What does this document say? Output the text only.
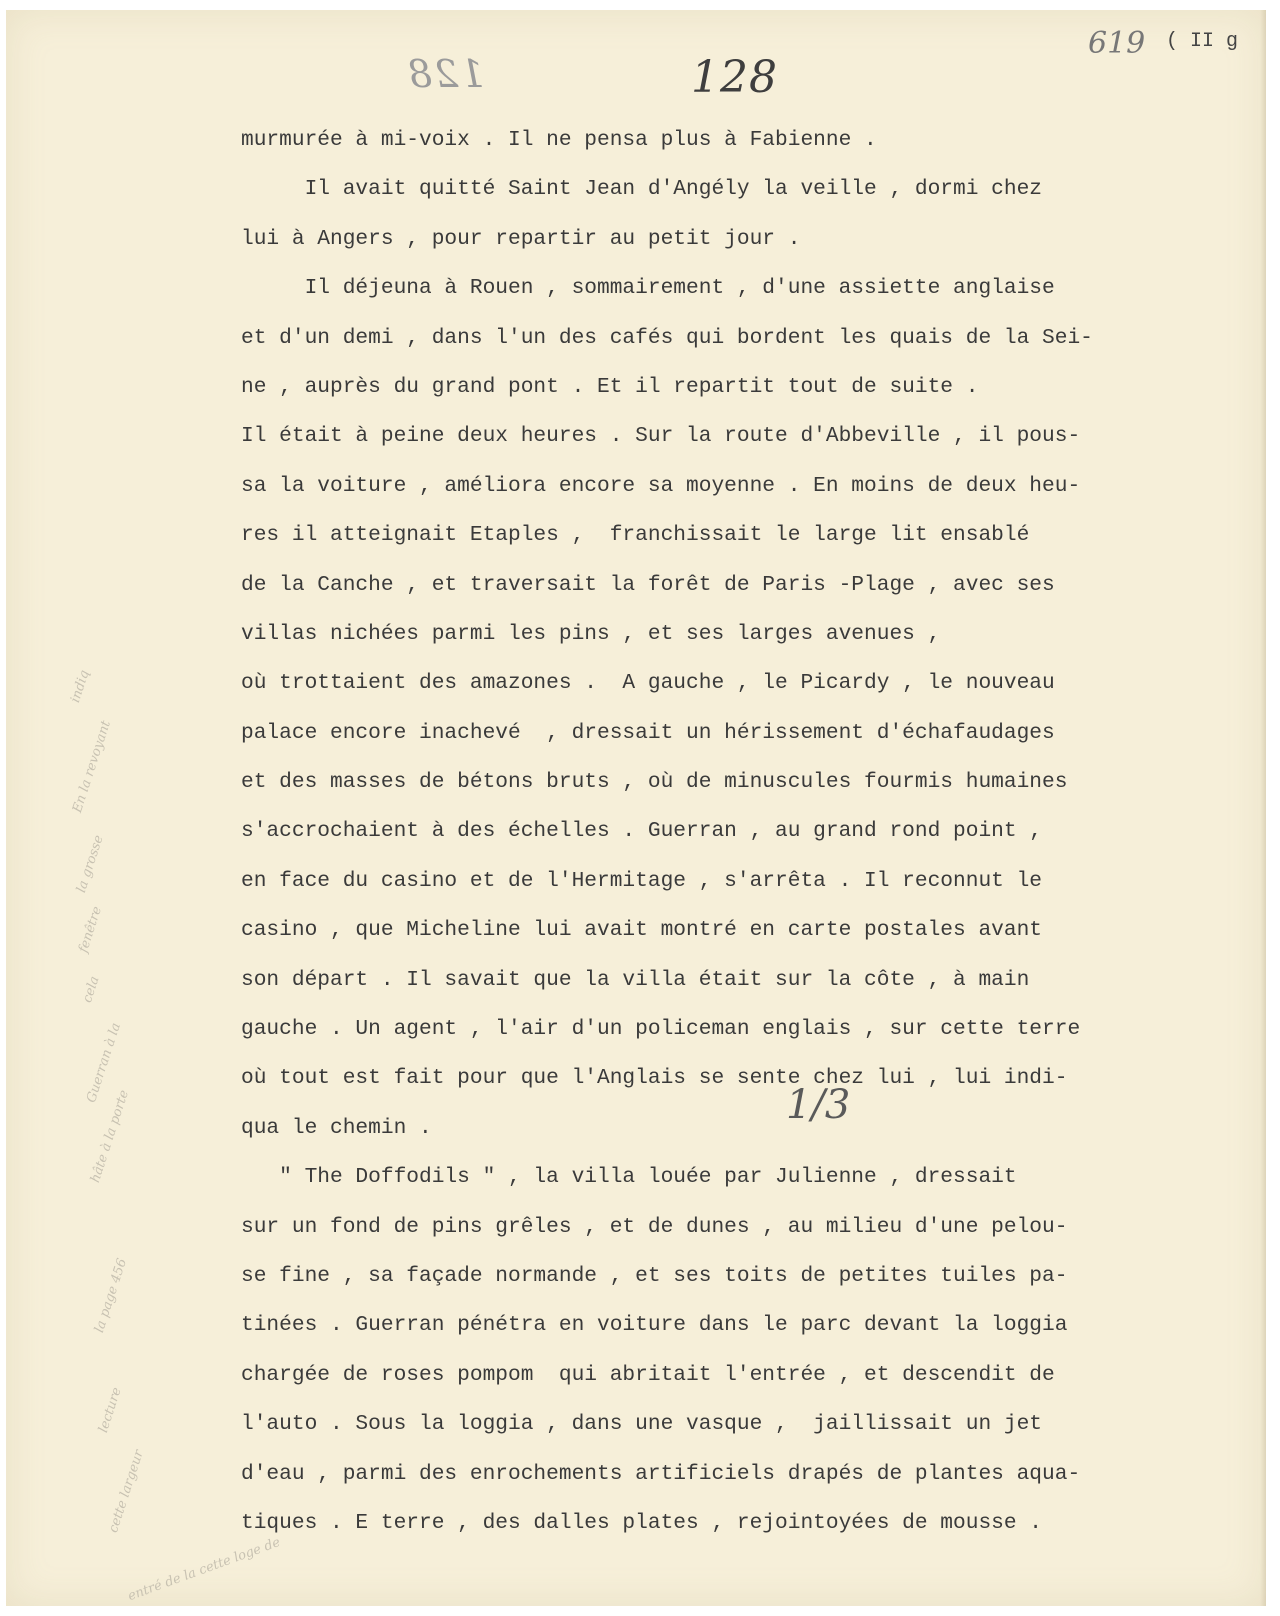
128	128
619 ( II g
indiq
En la revoyant
la grosse
fenêtre
cela
Guerran à la
hâte à la porte
la page 456
lecture
cette largeur
entré de la cette loge de
1/3
murmurée à mi-voix . Il ne pensa plus à Fabienne .
Il avait quitté Saint Jean d'Angély la veille , dormi chez
lui à Angers , pour repartir au petit jour .
Il déjeuna à Rouen , sommairement , d'une assiette anglaise
et d'un demi , dans l'un des cafés qui bordent les quais de la Sei-
ne , auprès du grand pont . Et il repartit tout de suite .
Il était à peine deux heures . Sur la route d'Abbeville , il pous-
sa la voiture , améliora encore sa moyenne . En moins de deux heu-
res il atteignait Etaples ,  franchissait le large lit ensablé
de la Canche , et traversait la forêt de Paris -Plage , avec ses
villas nichées parmi les pins , et ses larges avenues ,
où trottaient des amazones .  A gauche , le Picardy , le nouveau
palace encore inachevé  , dressait un hérissement d'échafaudages
et des masses de bétons bruts , où de minuscules fourmis humaines
s'accrochaient à des échelles . Guerran , au grand rond point ,
en face du casino et de l'Hermitage , s'arrêta . Il reconnut le
casino , que Micheline lui avait montré en carte postales avant
son départ . Il savait que la villa était sur la côte , à main
gauche . Un agent , l'air d'un policeman englais , sur cette terre
où tout est fait pour que l'Anglais se sente chez lui , lui indi-
qua le chemin .
" The Doffodils " , la villa louée par Julienne , dressait
sur un fond de pins grêles , et de dunes , au milieu d'une pelou-
se fine , sa façade normande , et ses toits de petites tuiles pa-
tinées . Guerran pénétra en voiture dans le parc devant la loggia
chargée de roses pompom  qui abritait l'entrée , et descendit de
l'auto . Sous la loggia , dans une vasque ,  jaillissait un jet
d'eau , parmi des enrochements artificiels drapés de plantes aqua-
tiques . E terre , des dalles plates , rejointoyées de mousse .
